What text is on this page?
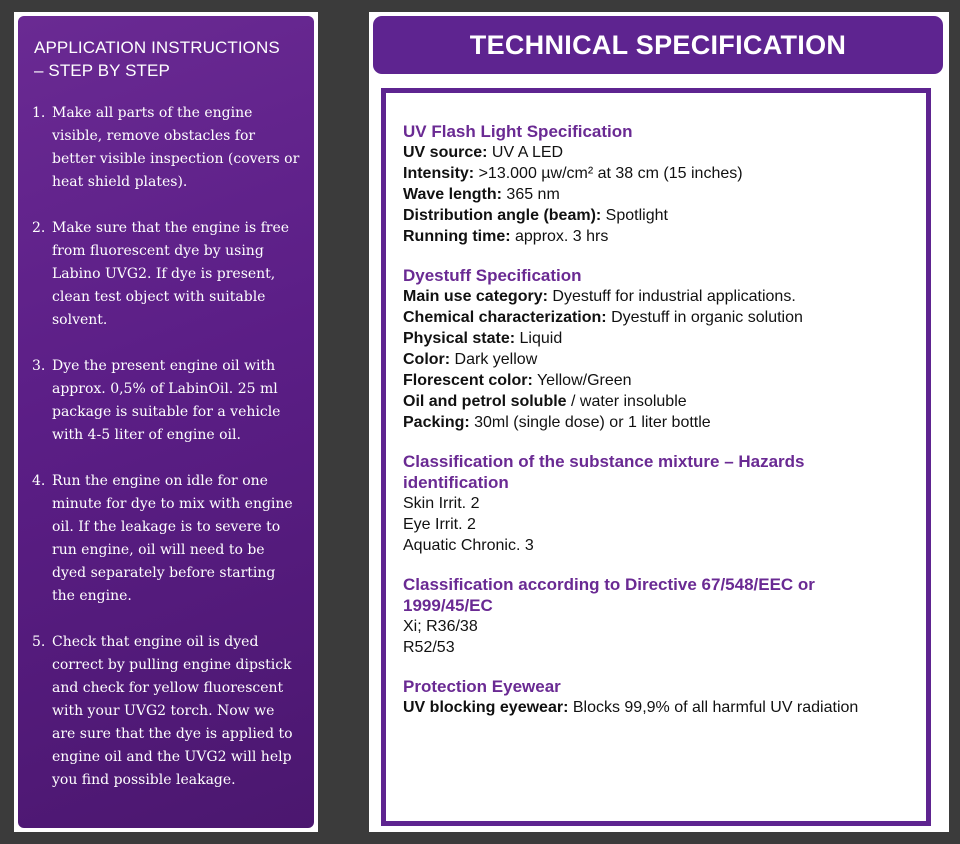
APPLICATION INSTRUCTIONS
– STEP BY STEP
1. Make all parts of the engine visible, remove obstacles for better visible inspection (covers or heat shield plates).
2. Make sure that the engine is free from fluorescent dye by using Labino UVG2. If dye is present, clean test object with suitable solvent.
3. Dye the present engine oil with approx. 0,5% of LabinOil. 25 ml package is suitable for a vehicle with 4-5 liter of engine oil.
4. Run the engine on idle for one minute for dye to mix with engine oil. If the leakage is to severe to run engine, oil will need to be dyed separately before starting the engine.
5. Check that engine oil is dyed correct by pulling engine dipstick and check for yellow fluorescent with your UVG2 torch. Now we are sure that the dye is applied to engine oil and the UVG2 will help you find possible leakage.
TECHNICAL SPECIFICATION
UV Flash Light Specification
UV source: UV A LED
Intensity: >13.000 µw/cm² at 38 cm (15 inches)
Wave length: 365 nm
Distribution angle (beam): Spotlight
Running time: approx. 3 hrs
Dyestuff Specification
Main use category: Dyestuff for industrial applications.
Chemical characterization: Dyestuff in organic solution
Physical state: Liquid
Color: Dark yellow
Florescent color: Yellow/Green
Oil and petrol soluble / water insoluble
Packing: 30ml (single dose) or 1 liter bottle
Classification of the substance mixture – Hazards identification
Skin Irrit. 2
Eye Irrit. 2
Aquatic Chronic. 3
Classification according to Directive 67/548/EEC or 1999/45/EC
Xi; R36/38
R52/53
Protection Eyewear
UV blocking eyewear: Blocks 99,9% of all harmful UV radiation
